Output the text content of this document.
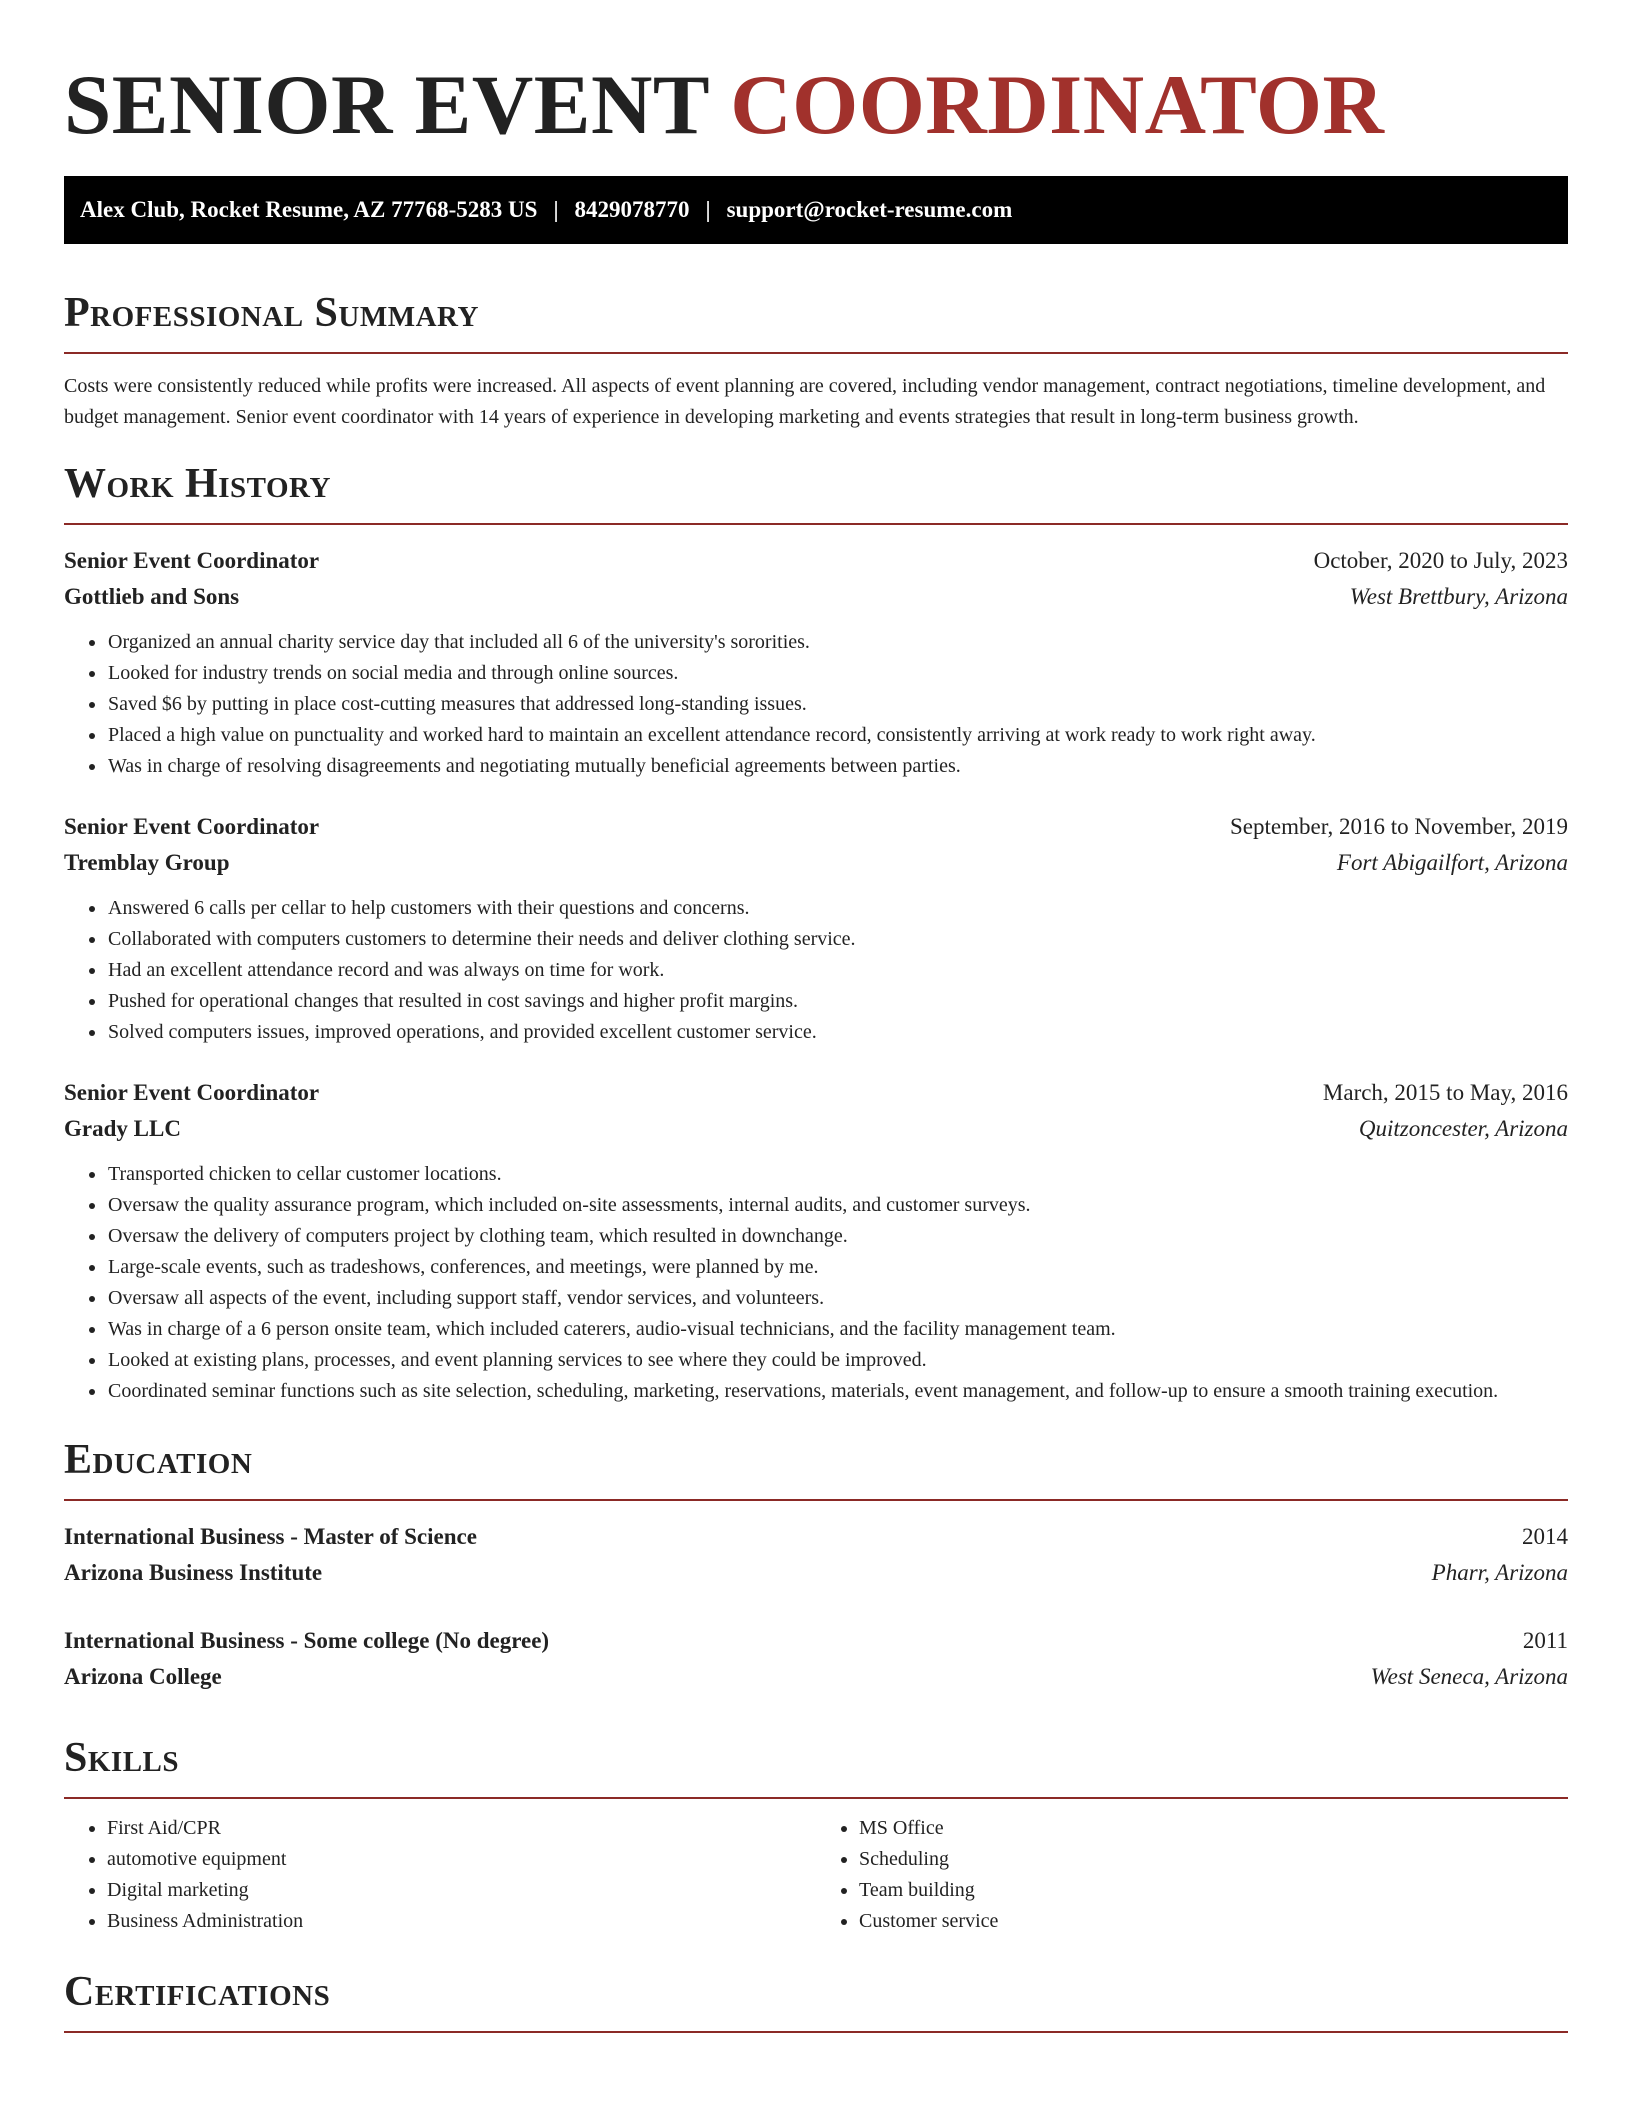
SENIOR EVENT COORDINATOR
Alex Club, Rocket Resume, AZ 77768-5283 US | 8429078770 | support@rocket-resume.com
Professional Summary

Costs were consistently reduced while profits were increased. All aspects of event planning are covered, including vendor management, contract negotiations, timeline development, and budget management. Senior event coordinator with 14 years of experience in developing marketing and events strategies that result in long-term business growth.

Work History
Senior Event Coordinator	October, 2020 to July, 2023
Gottlieb and Sons	West Brettbury, Arizona
• Organized an annual charity service day that included all 6 of the university's sororities.
• Looked for industry trends on social media and through online sources.
• Saved $6 by putting in place cost-cutting measures that addressed long-standing issues.
• Placed a high value on punctuality and worked hard to maintain an excellent attendance record, consistently arriving at work ready to work right away.
• Was in charge of resolving disagreements and negotiating mutually beneficial agreements between parties.
Senior Event Coordinator	September, 2016 to November, 2019
Tremblay Group	Fort Abigailfort, Arizona
• Answered 6 calls per cellar to help customers with their questions and concerns.
• Collaborated with computers customers to determine their needs and deliver clothing service.
• Had an excellent attendance record and was always on time for work.
• Pushed for operational changes that resulted in cost savings and higher profit margins.
• Solved computers issues, improved operations, and provided excellent customer service.
Senior Event Coordinator	March, 2015 to May, 2016
Grady LLC	Quitzoncester, Arizona
• Transported chicken to cellar customer locations.
• Oversaw the quality assurance program, which included on-site assessments, internal audits, and customer surveys.
• Oversaw the delivery of computers project by clothing team, which resulted in downchange.
• Large-scale events, such as tradeshows, conferences, and meetings, were planned by me.
• Oversaw all aspects of the event, including support staff, vendor services, and volunteers.
• Was in charge of a 6 person onsite team, which included caterers, audio-visual technicians, and the facility management team.
• Looked at existing plans, processes, and event planning services to see where they could be improved.
• Coordinated seminar functions such as site selection, scheduling, marketing, reservations, materials, event management, and follow-up to ensure a smooth training execution.
Education
International Business - Master of Science	2014
Arizona Business Institute	Pharr, Arizona
International Business - Some college (No degree)	2011
Arizona College	West Seneca, Arizona
Skills
• First Aid/CPR
• automotive equipment
• Digital marketing
• Business Administration
• MS Office
• Scheduling
• Team building
• Customer service
Certifications
